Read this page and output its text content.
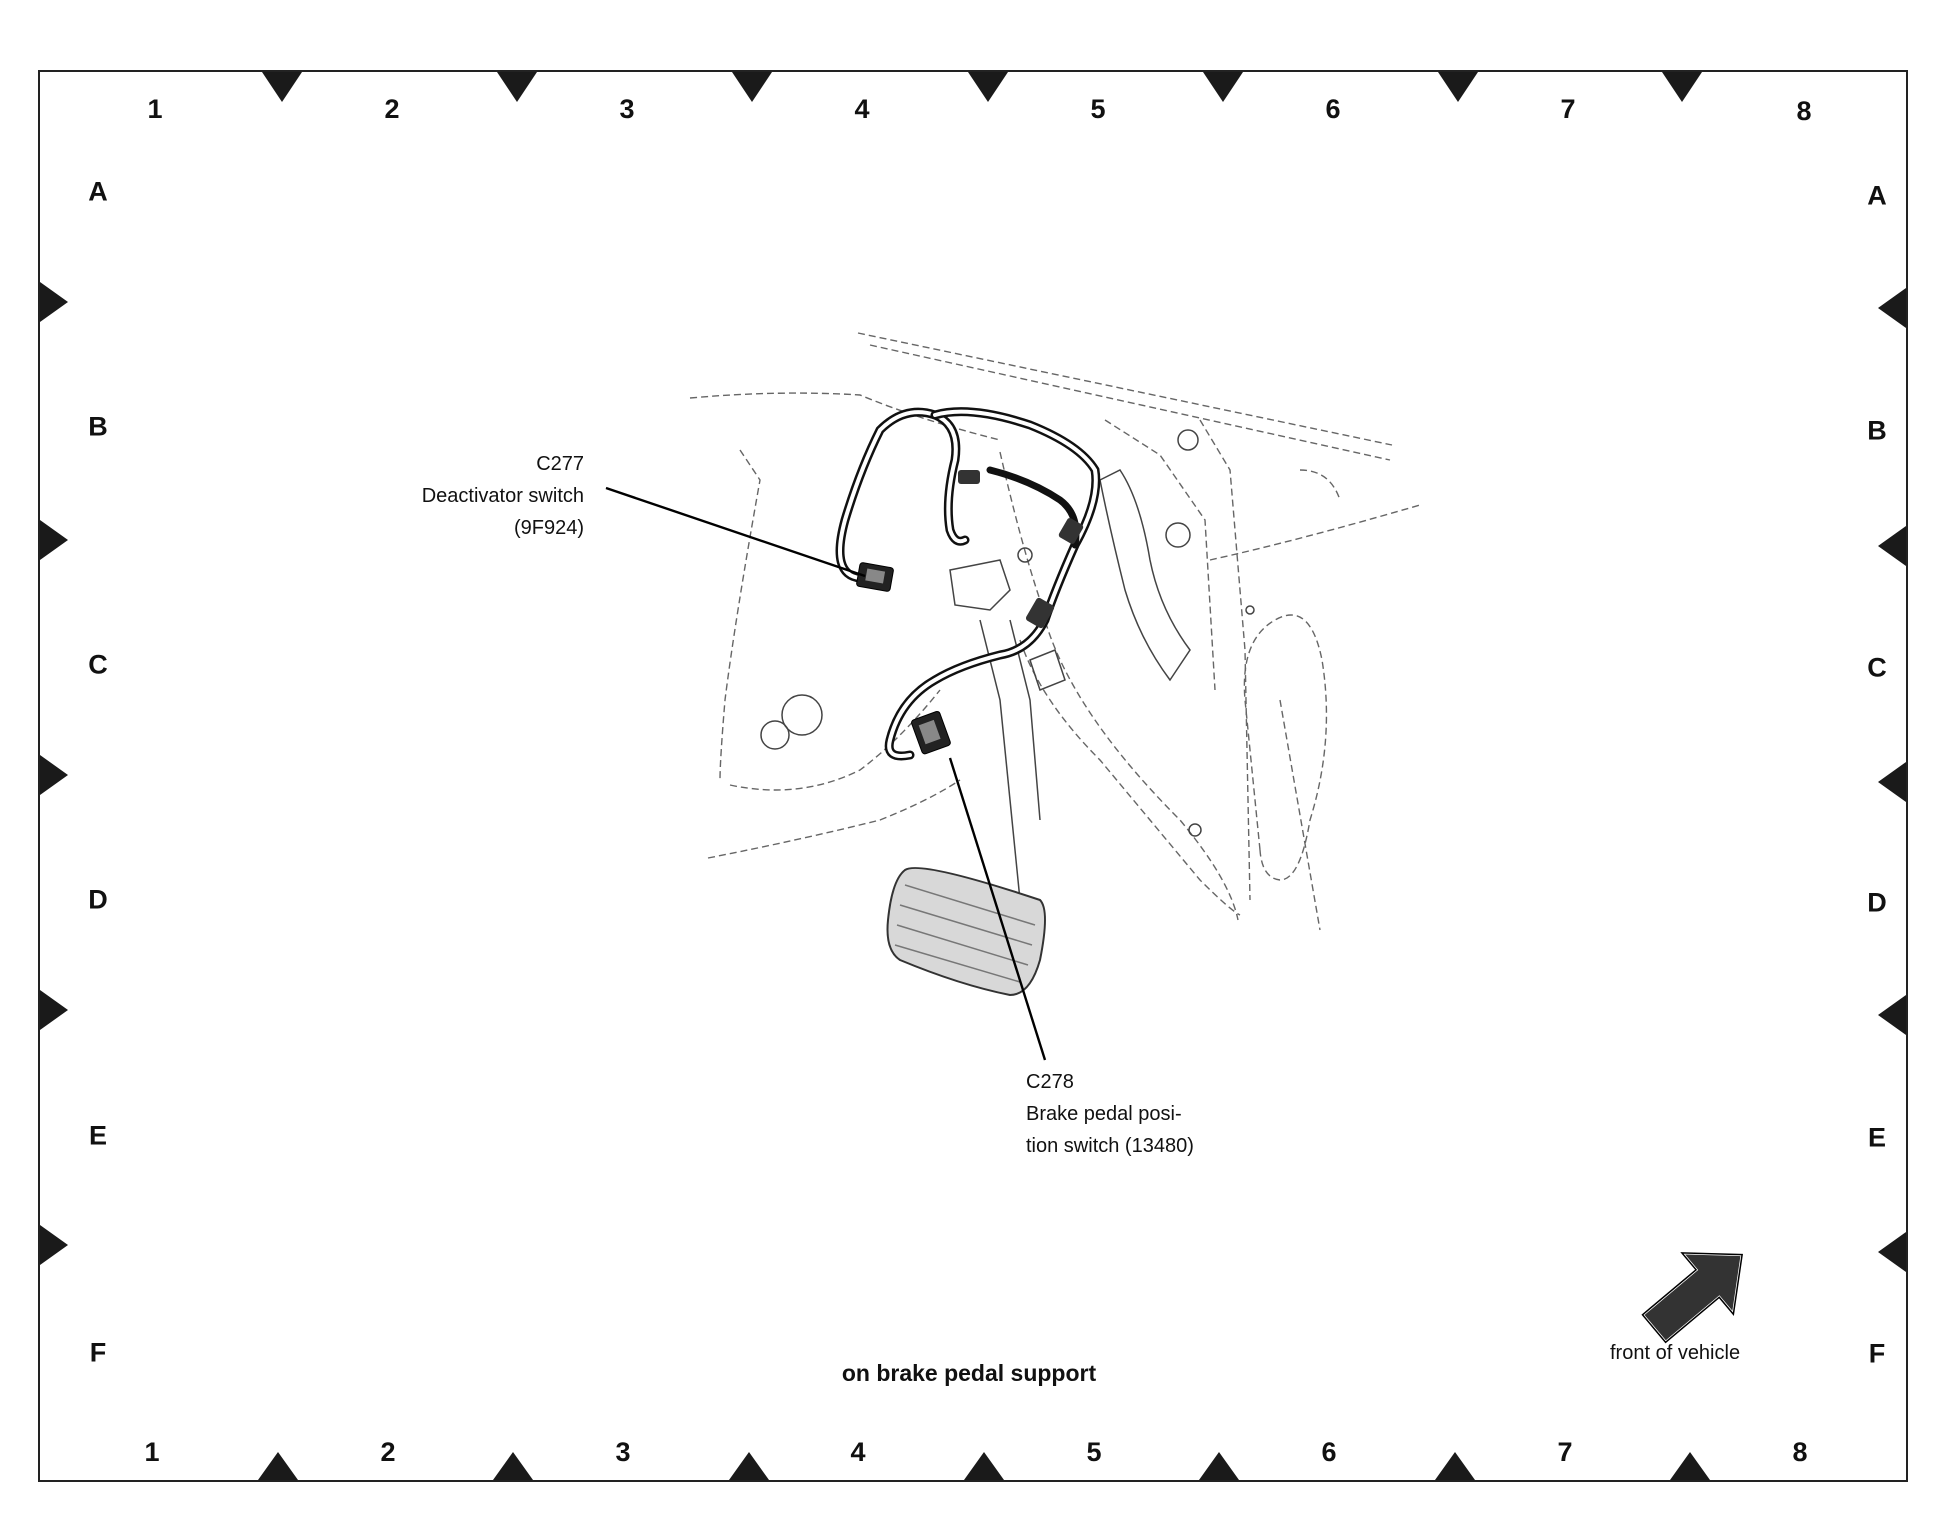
1	2	3	4	5	6	7	8
1	2	3	4	5	6	7	8
A
B
C
D
E
F
A
B
C
D
E
F
C277
Deactivator switch
(9F924)
C278
Brake pedal posi-
tion switch (13480)
on brake pedal support
front of vehicle
